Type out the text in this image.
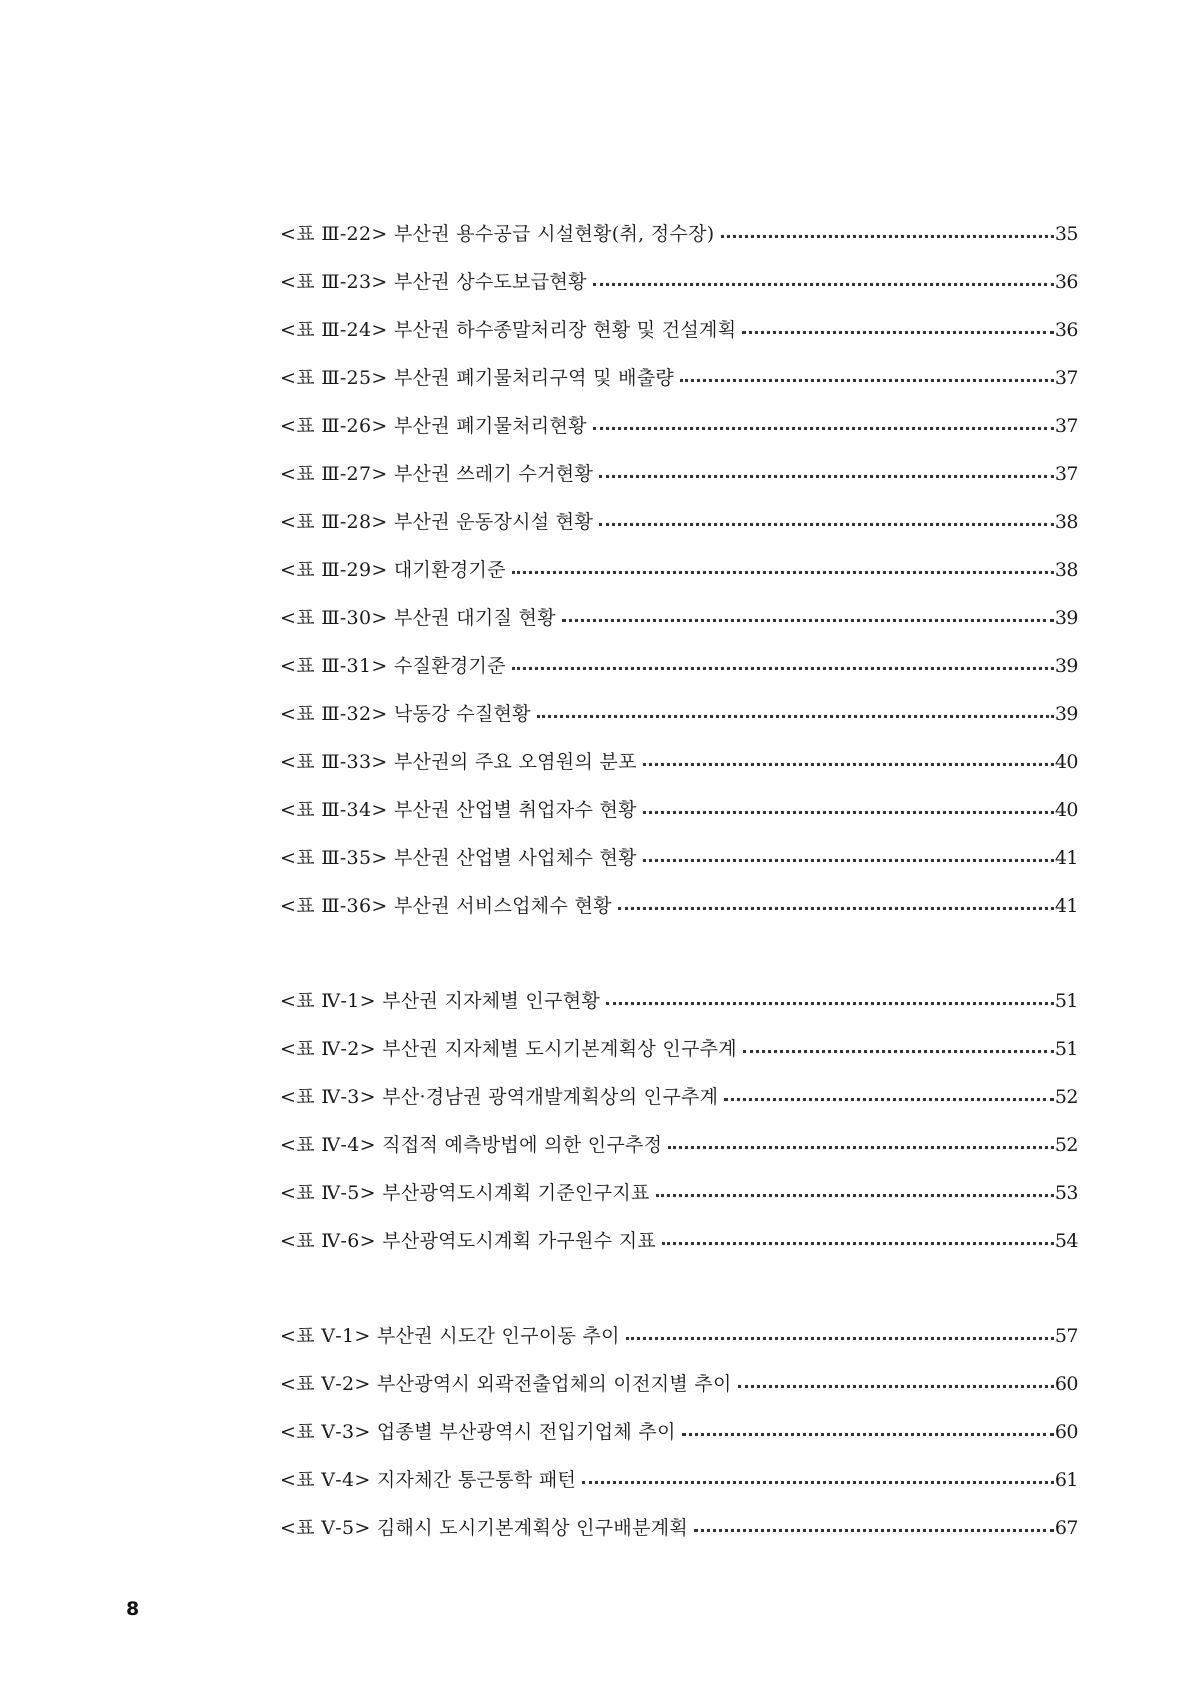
<표 Ⅲ-22> 부산권 용수공급 시설현황(취, 정수장)	35
<표 Ⅲ-23> 부산권 상수도보급현황	36
<표 Ⅲ-24> 부산권 하수종말처리장 현황 및 건설계획	36
<표 Ⅲ-25> 부산권 폐기물처리구역 및 배출량	37
<표 Ⅲ-26> 부산권 폐기물처리현황	37
<표 Ⅲ-27> 부산권 쓰레기 수거현황	37
<표 Ⅲ-28> 부산권 운동장시설 현황	38
<표 Ⅲ-29> 대기환경기준	38
<표 Ⅲ-30> 부산권 대기질 현황	39
<표 Ⅲ-31> 수질환경기준	39
<표 Ⅲ-32> 낙동강 수질현황	39
<표 Ⅲ-33> 부산권의 주요 오염원의 분포	40
<표 Ⅲ-34> 부산권 산업별 취업자수 현황	40
<표 Ⅲ-35> 부산권 산업별 사업체수 현황	41
<표 Ⅲ-36> 부산권 서비스업체수 현황	41
<표 Ⅳ-1> 부산권 지자체별 인구현황	51
<표 Ⅳ-2> 부산권 지자체별 도시기본계획상 인구추계	51
<표 Ⅳ-3> 부산·경남권 광역개발계획상의 인구추계	52
<표 Ⅳ-4> 직접적 예측방법에 의한 인구추정	52
<표 Ⅳ-5> 부산광역도시계획 기준인구지표	53
<표 Ⅳ-6> 부산광역도시계획 가구원수 지표	54
<표 Ⅴ-1> 부산권 시도간 인구이동 추이	57
<표 Ⅴ-2> 부산광역시 외곽전출업체의 이전지별 추이	60
<표 Ⅴ-3> 업종별 부산광역시 전입기업체 추이	60
<표 Ⅴ-4> 지자체간 통근통학 패턴	61
<표 Ⅴ-5> 김해시 도시기본계획상 인구배분계획	67
8
